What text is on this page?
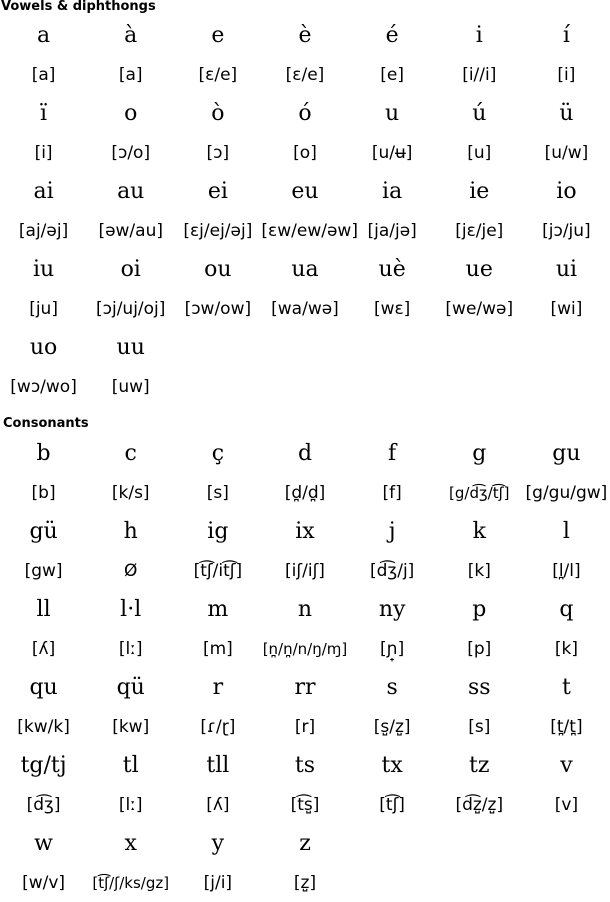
Vowels & diphthongs
a	à	e	è	é	i	í
[a]	[a]	[ɛ/e]	[ɛ/e]	[e]	[i//i]	[i]
ï	o	ò	ó	u	ú	ü
[i]	[ɔ/o]	[ɔ]	[o]	[u/ʉ]	[u]	[u/w]
ai	au	ei	eu	ia	ie	io
[aj/əj]	[əw/au]	[ɛj/ej/əj]	[ɛw/ew/əw]	[ja/jə]	[jɛ/je]	[jɔ/ju]
iu	oi	ou	ua	uè	ue	ui
[ju]	[ɔj/uj/oj]	[ɔw/ow]	[wa/wə]	[wɛ]	[we/wə]	[wi]
uo	uu					
[wɔ/wo]	[uw]					
Consonants
b	c	ç	d	f	g	gu
[b]	[k/s]	[s]	[d̪/d̪]	[f]	[g/d͡ʒ/t͡ʃ]	[g/gu/gw]
gü	h	ig	ix	j	k	l
[gw]	Ø	[t͡ʃ/it͡ʃ]	[iʃ/iʃ]	[d͡ʒ/j]	[k]	[l̪/l]
ll	l·l	m	n	ny	p	q
[ʎ]	[lː]	[m]	[n̪/n̪/n/ŋ/ɱ]	[ɲ̟]	[p]	[k]
qu	qü	r	rr	s	ss	t
[kw/k]	[kw]	[ɾ/ɽ]	[r]	[s̺/z̺]	[s]	[t̪/t̪]
tg/tj	tl	tll	ts	tx	tz	v
[d͡ʒ]	[lː]	[ʎ]	[t͡s̺]	[t͡ʃ]	[d͡z̺/z̺]	[v]
w	x	y	z			
[w/v]	[t͡ʃ/ʃ/ks/gz]	[j/i]	[z̺]			
